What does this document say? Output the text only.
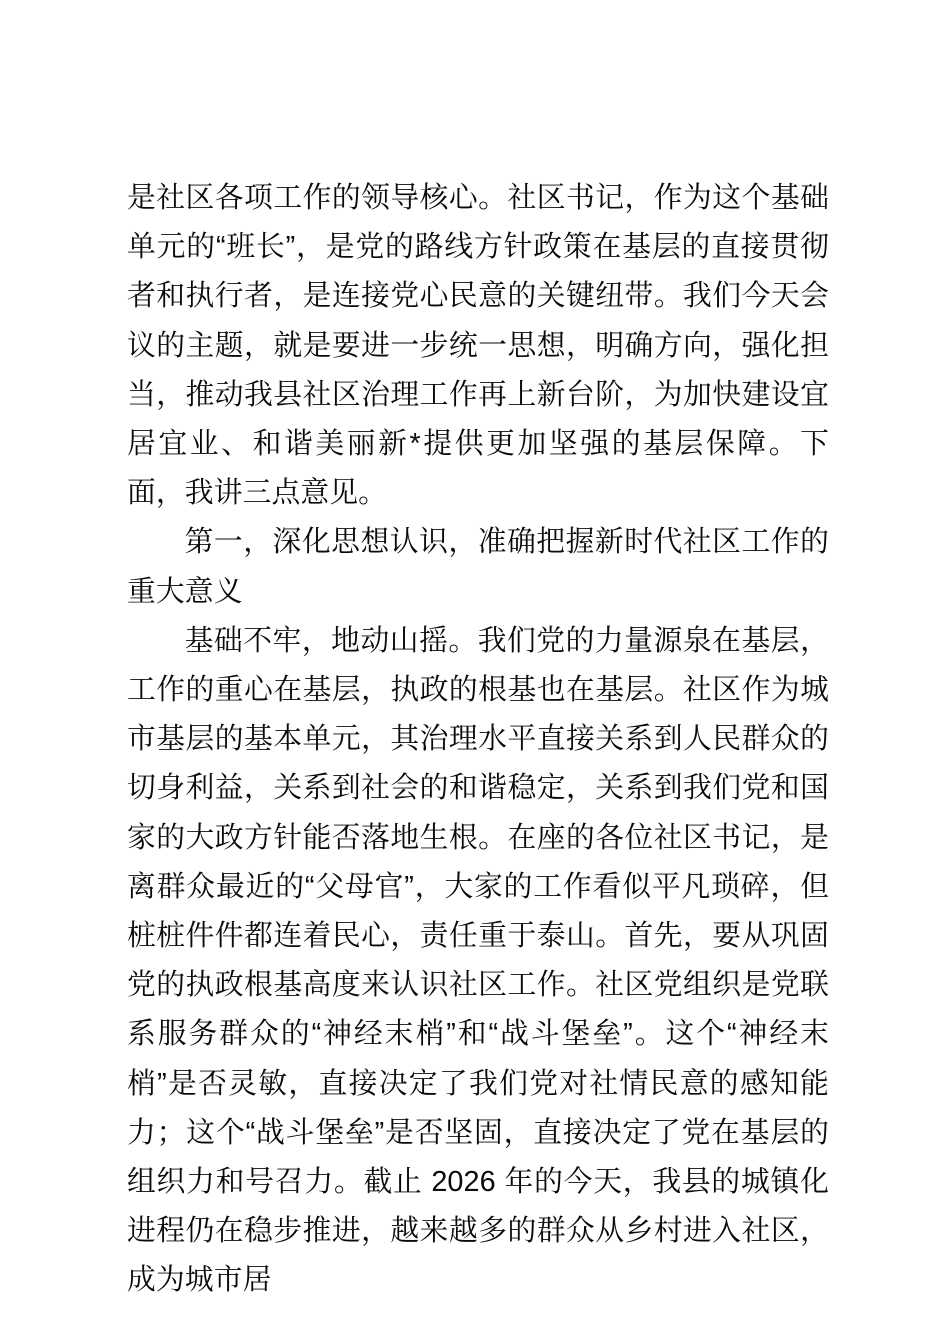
是社区各项工作的领导核心。社区书记，作为这个基础单元的“班长”，是党的路线方针政策在基层的直接贯彻者和执行者，是连接党心民意的关键纽带。我们今天会议的主题，就是要进一步统一思想，明确方向，强化担当，推动我县社区治理工作再上新台阶，为加快建设宜居宜业、和谐美丽新*提供更加坚强的基层保障。下面，我讲三点意见。

第一，深化思想认识，准确把握新时代社区工作的重大意义

基础不牢，地动山摇。我们党的力量源泉在基层，工作的重心在基层，执政的根基也在基层。社区作为城市基层的基本单元，其治理水平直接关系到人民群众的切身利益，关系到社会的和谐稳定，关系到我们党和国家的大政方针能否落地生根。在座的各位社区书记，是离群众最近的“父母官”，大家的工作看似平凡琐碎，但桩桩件件都连着民心，责任重于泰山。首先，要从巩固党的执政根基高度来认识社区工作。社区党组织是党联系服务群众的“神经末梢”和“战斗堡垒”。这个“神经末梢”是否灵敏，直接决定了我们党对社情民意的感知能力；这个“战斗堡垒”是否坚固，直接决定了党在基层的组织力和号召力。截止 2026 年的今天，我县的城镇化进程仍在稳步推进，越来越多的群众从乡村进入社区，成为城市居
